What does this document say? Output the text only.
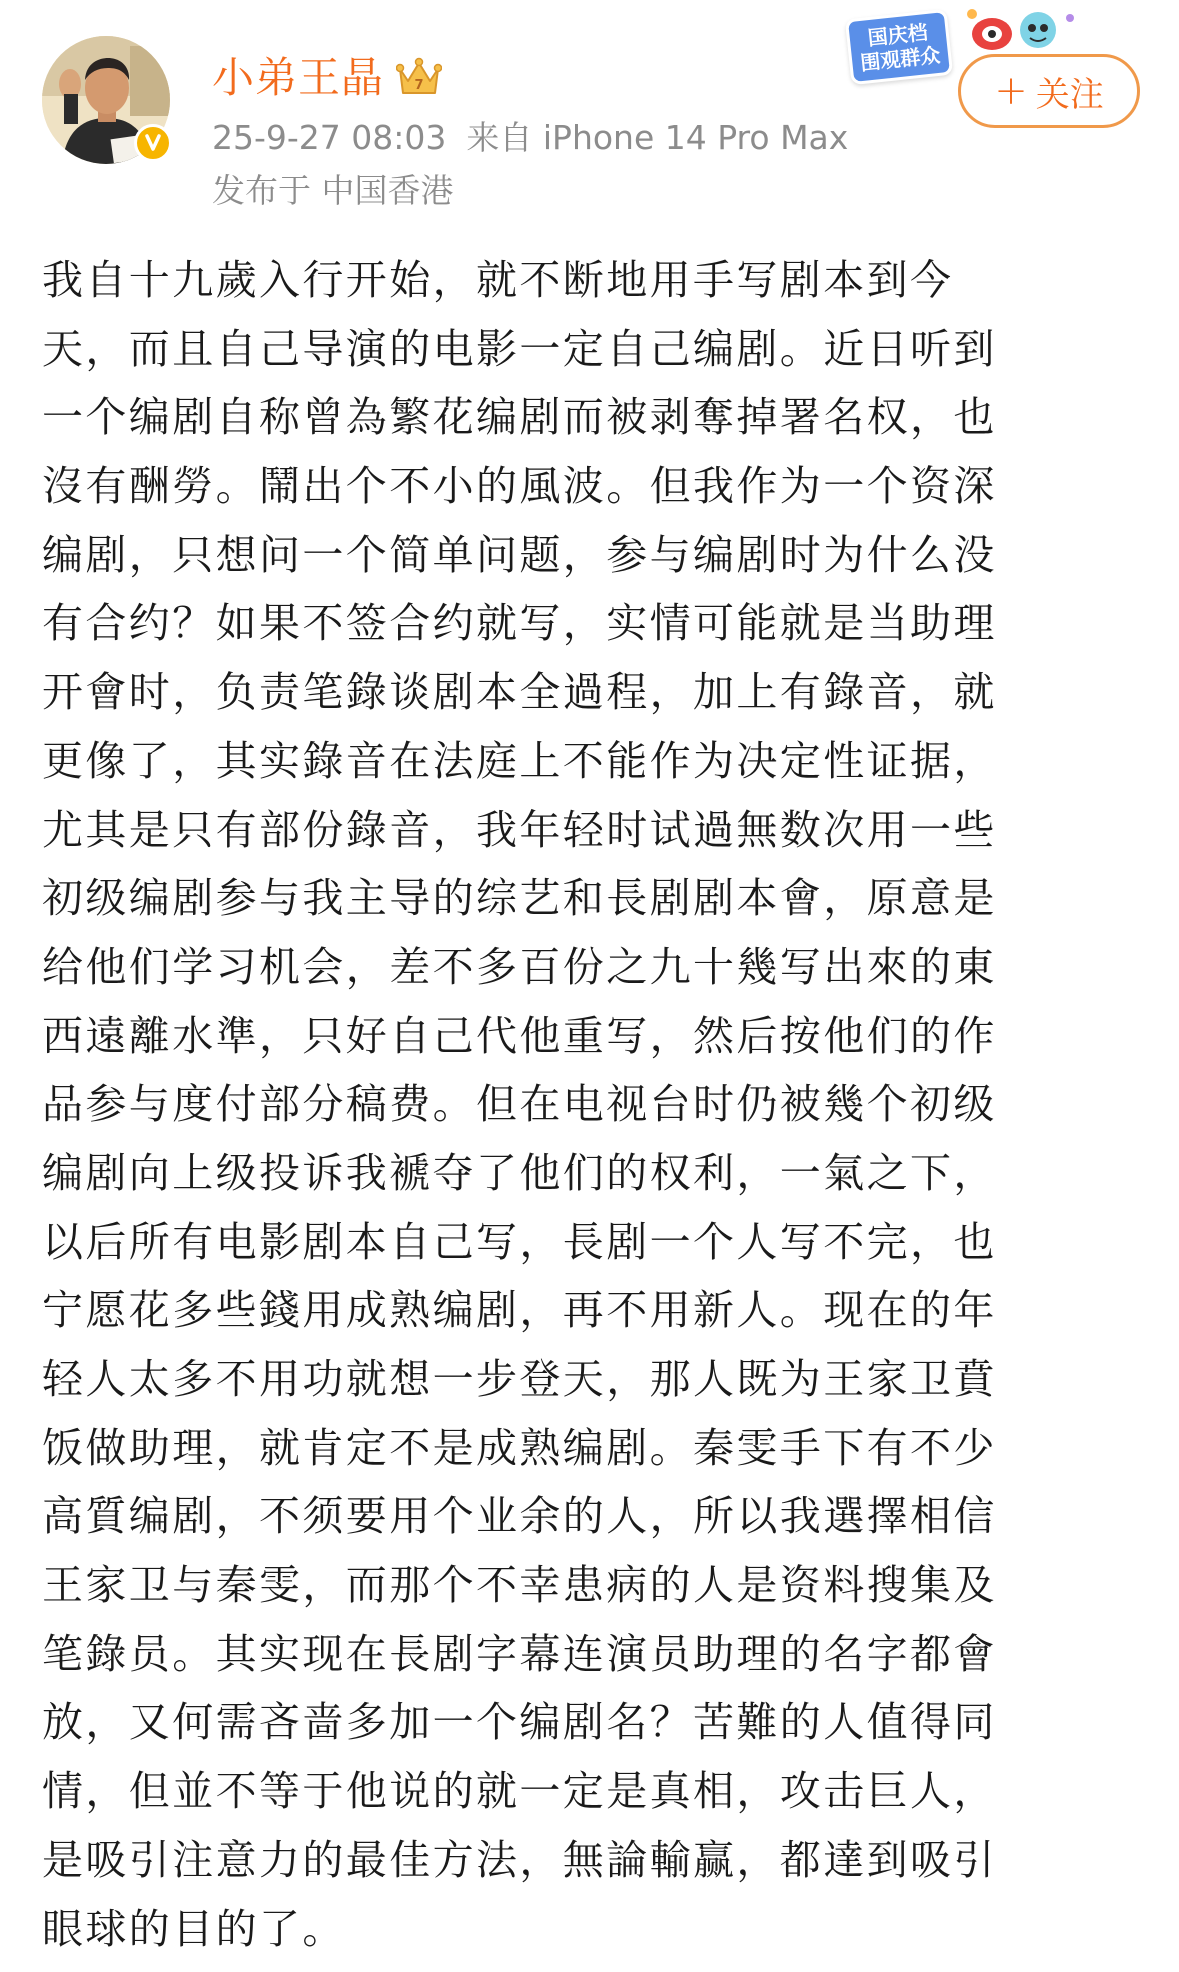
小弟王晶 7
25-9-27 08:03 来自 iPhone 14 Pro Max
发布于 中国香港
国庆档
围观群众
+ 关注
我自十九歲入行开始，就不断地用手写剧本到今
天，而且自己导演的电影一定自己编剧。近日听到
一个编剧自称曾為繁花编剧而被剥奪掉署名权，也
沒有酬勞。鬧出个不小的風波。但我作为一个资深
编剧，只想问一个简单问题，参与编剧时为什么没
有合约？如果不签合约就写，实情可能就是当助理
开會时，负责笔錄谈剧本全過程，加上有錄音，就
更像了，其实錄音在法庭上不能作为决定性证据，
尤其是只有部份錄音，我年轻时试過無数次用一些
初级编剧参与我主导的综艺和長剧剧本會，原意是
给他们学习机会，差不多百份之九十幾写出來的東
西遠離水準，只好自己代他重写，然后按他们的作
品参与度付部分稿费。但在电视台时仍被幾个初级
编剧向上级投诉我褫夺了他们的权利，一氣之下，
以后所有电影剧本自己写，長剧一个人写不完，也
宁愿花多些錢用成熟编剧，再不用新人。现在的年
轻人太多不用功就想一步登天，那人既为王家卫賁
饭做助理，就肯定不是成熟编剧。秦雯手下有不少
高質编剧，不须要用个业余的人，所以我選擇相信
王家卫与秦雯，而那个不幸患病的人是资料搜集及
笔錄员。其实现在長剧字幕连演员助理的名字都會
放，又何需吝啬多加一个编剧名？苦難的人值得同
情，但並不等于他说的就一定是真相，攻击巨人，
是吸引注意力的最佳方法，無論輸赢，都達到吸引
眼球的目的了。
